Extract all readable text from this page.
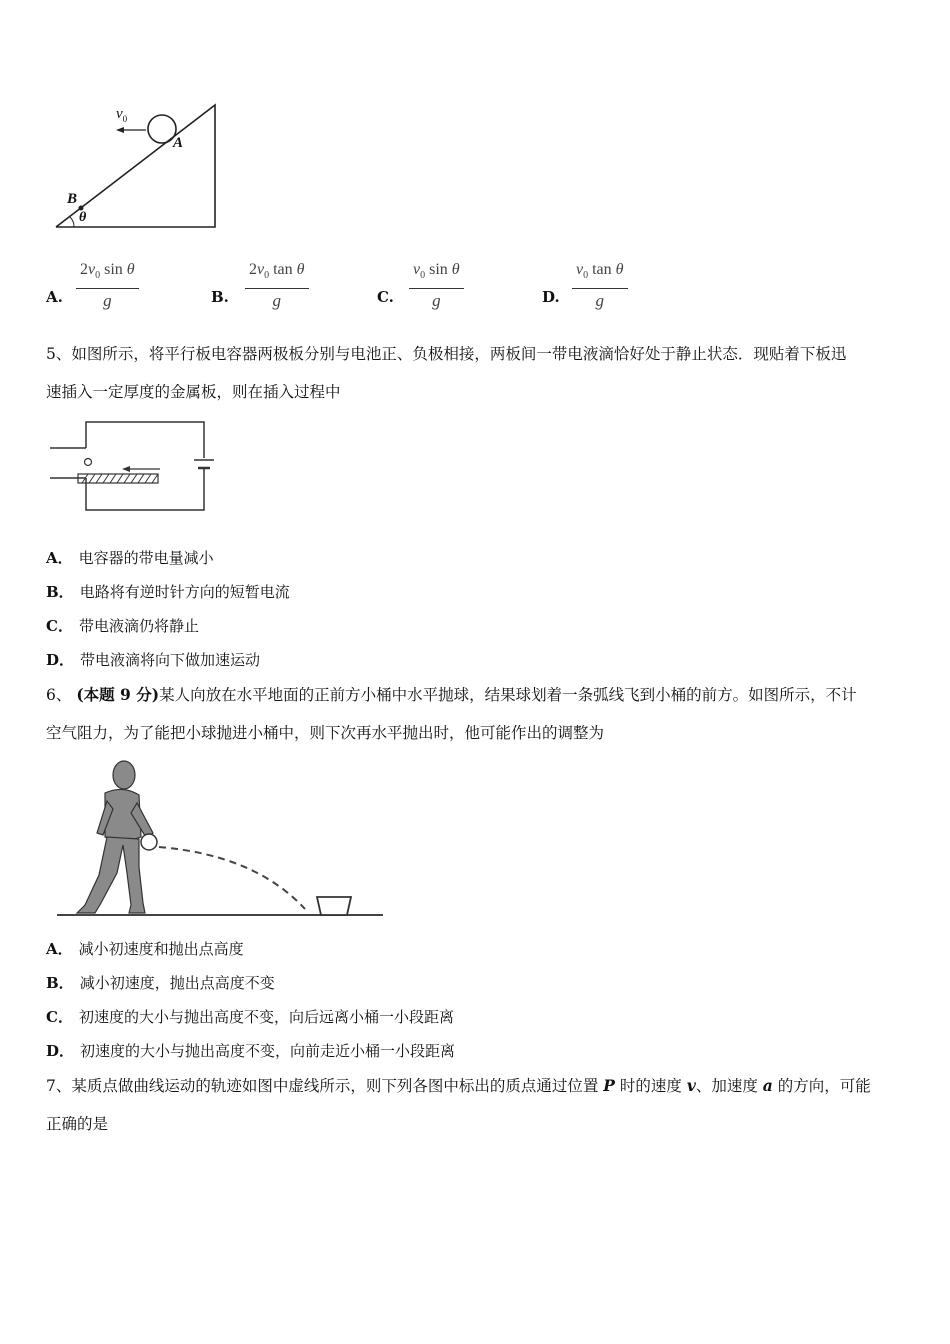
$v_0$
A
B
θ
A. $\frac{2v_0 \sin \theta}{g}$	B. $\frac{2v_0 \tan \theta}{g}$	C. $\frac{v_0 \sin \theta}{g}$	D. $\frac{v_0 \tan \theta}{g}$
5、如图所示，将平行板电容器两极板分别与电池正、负极相接，两板间一带电液滴恰好处于静止状态．现贴着下板迅
速插入一定厚度的金属板，则在插入过程中
A． 电容器的带电量减小
B． 电路将有逆时针方向的短暂电流
C． 带电液滴仍将静止
D． 带电液滴将向下做加速运动
6、 (本题 9 分)某人向放在水平地面的正前方小桶中水平抛球，结果球划着一条弧线飞到小桶的前方。如图所示，不计
空气阻力，为了能把小球抛进小桶中，则下次再水平抛出时，他可能作出的调整为
A． 减小初速度和抛出点高度
B． 减小初速度，抛出点高度不变
C． 初速度的大小与抛出高度不变，向后远离小桶一小段距离
D． 初速度的大小与抛出高度不变，向前走近小桶一小段距离
7、某质点做曲线运动的轨迹如图中虚线所示，则下列各图中标出的质点通过位置 P 时的速度 v、加速度 a 的方向，可能
正确的是
